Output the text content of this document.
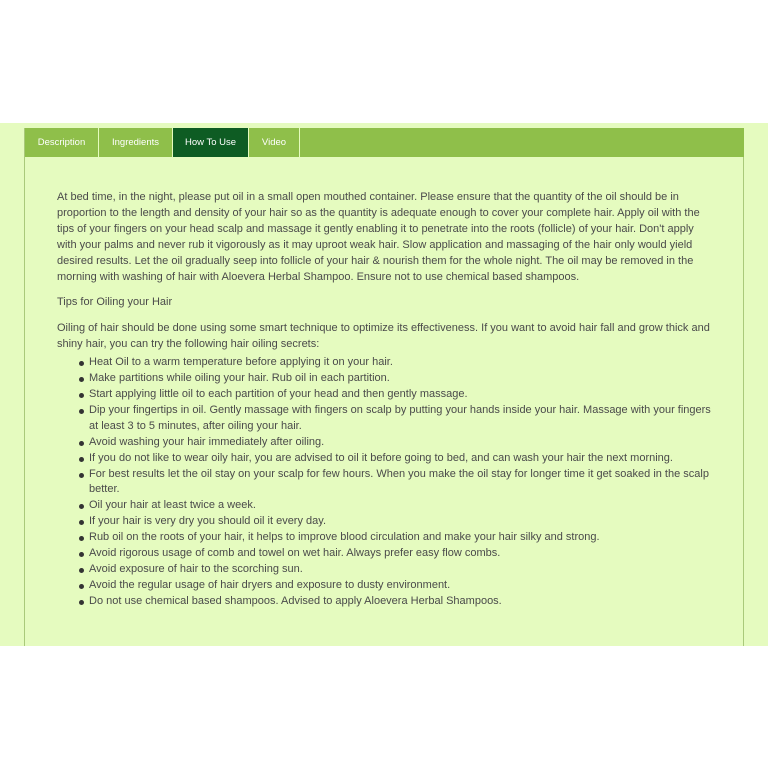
Description	Ingredients	How To Use	Video

At bed time, in the night, please put oil in a small open mouthed container. Please ensure that the quantity of the oil should be in proportion to the length and density of your hair so as the quantity is adequate enough to cover your complete hair. Apply oil with the tips of your fingers on your head scalp and massage it gently enabling it to penetrate into the roots (follicle) of your hair. Don't apply with your palms and never rub it vigorously as it may uproot weak hair. Slow application and massaging of the hair only would yield desired results. Let the oil gradually seep into follicle of your hair & nourish them for the whole night. The oil may be removed in the morning with washing of hair with Aloevera Herbal Shampoo. Ensure not to use chemical based shampoos.

Tips for Oiling your Hair

Oiling of hair should be done using some smart technique to optimize its effectiveness. If you want to avoid hair fall and grow thick and shiny hair, you can try the following hair oiling secrets:

Heat Oil to a warm temperature before applying it on your hair.
Make partitions while oiling your hair. Rub oil in each partition.
Start applying little oil to each partition of your head and then gently massage.
Dip your fingertips in oil. Gently massage with fingers on scalp by putting your hands inside your hair. Massage with your fingers at least 3 to 5 minutes, after oiling your hair.
Avoid washing your hair immediately after oiling.
If you do not like to wear oily hair, you are advised to oil it before going to bed, and can wash your hair the next morning.
For best results let the oil stay on your scalp for few hours. When you make the oil stay for longer time it get soaked in the scalp better.
Oil your hair at least twice a week.
If your hair is very dry you should oil it every day.
Rub oil on the roots of your hair, it helps to improve blood circulation and make your hair silky and strong.
Avoid rigorous usage of comb and towel on wet hair. Always prefer easy flow combs.
Avoid exposure of hair to the scorching sun.
Avoid the regular usage of hair dryers and exposure to dusty environment.
Do not use chemical based shampoos. Advised to apply Aloevera Herbal Shampoos.
